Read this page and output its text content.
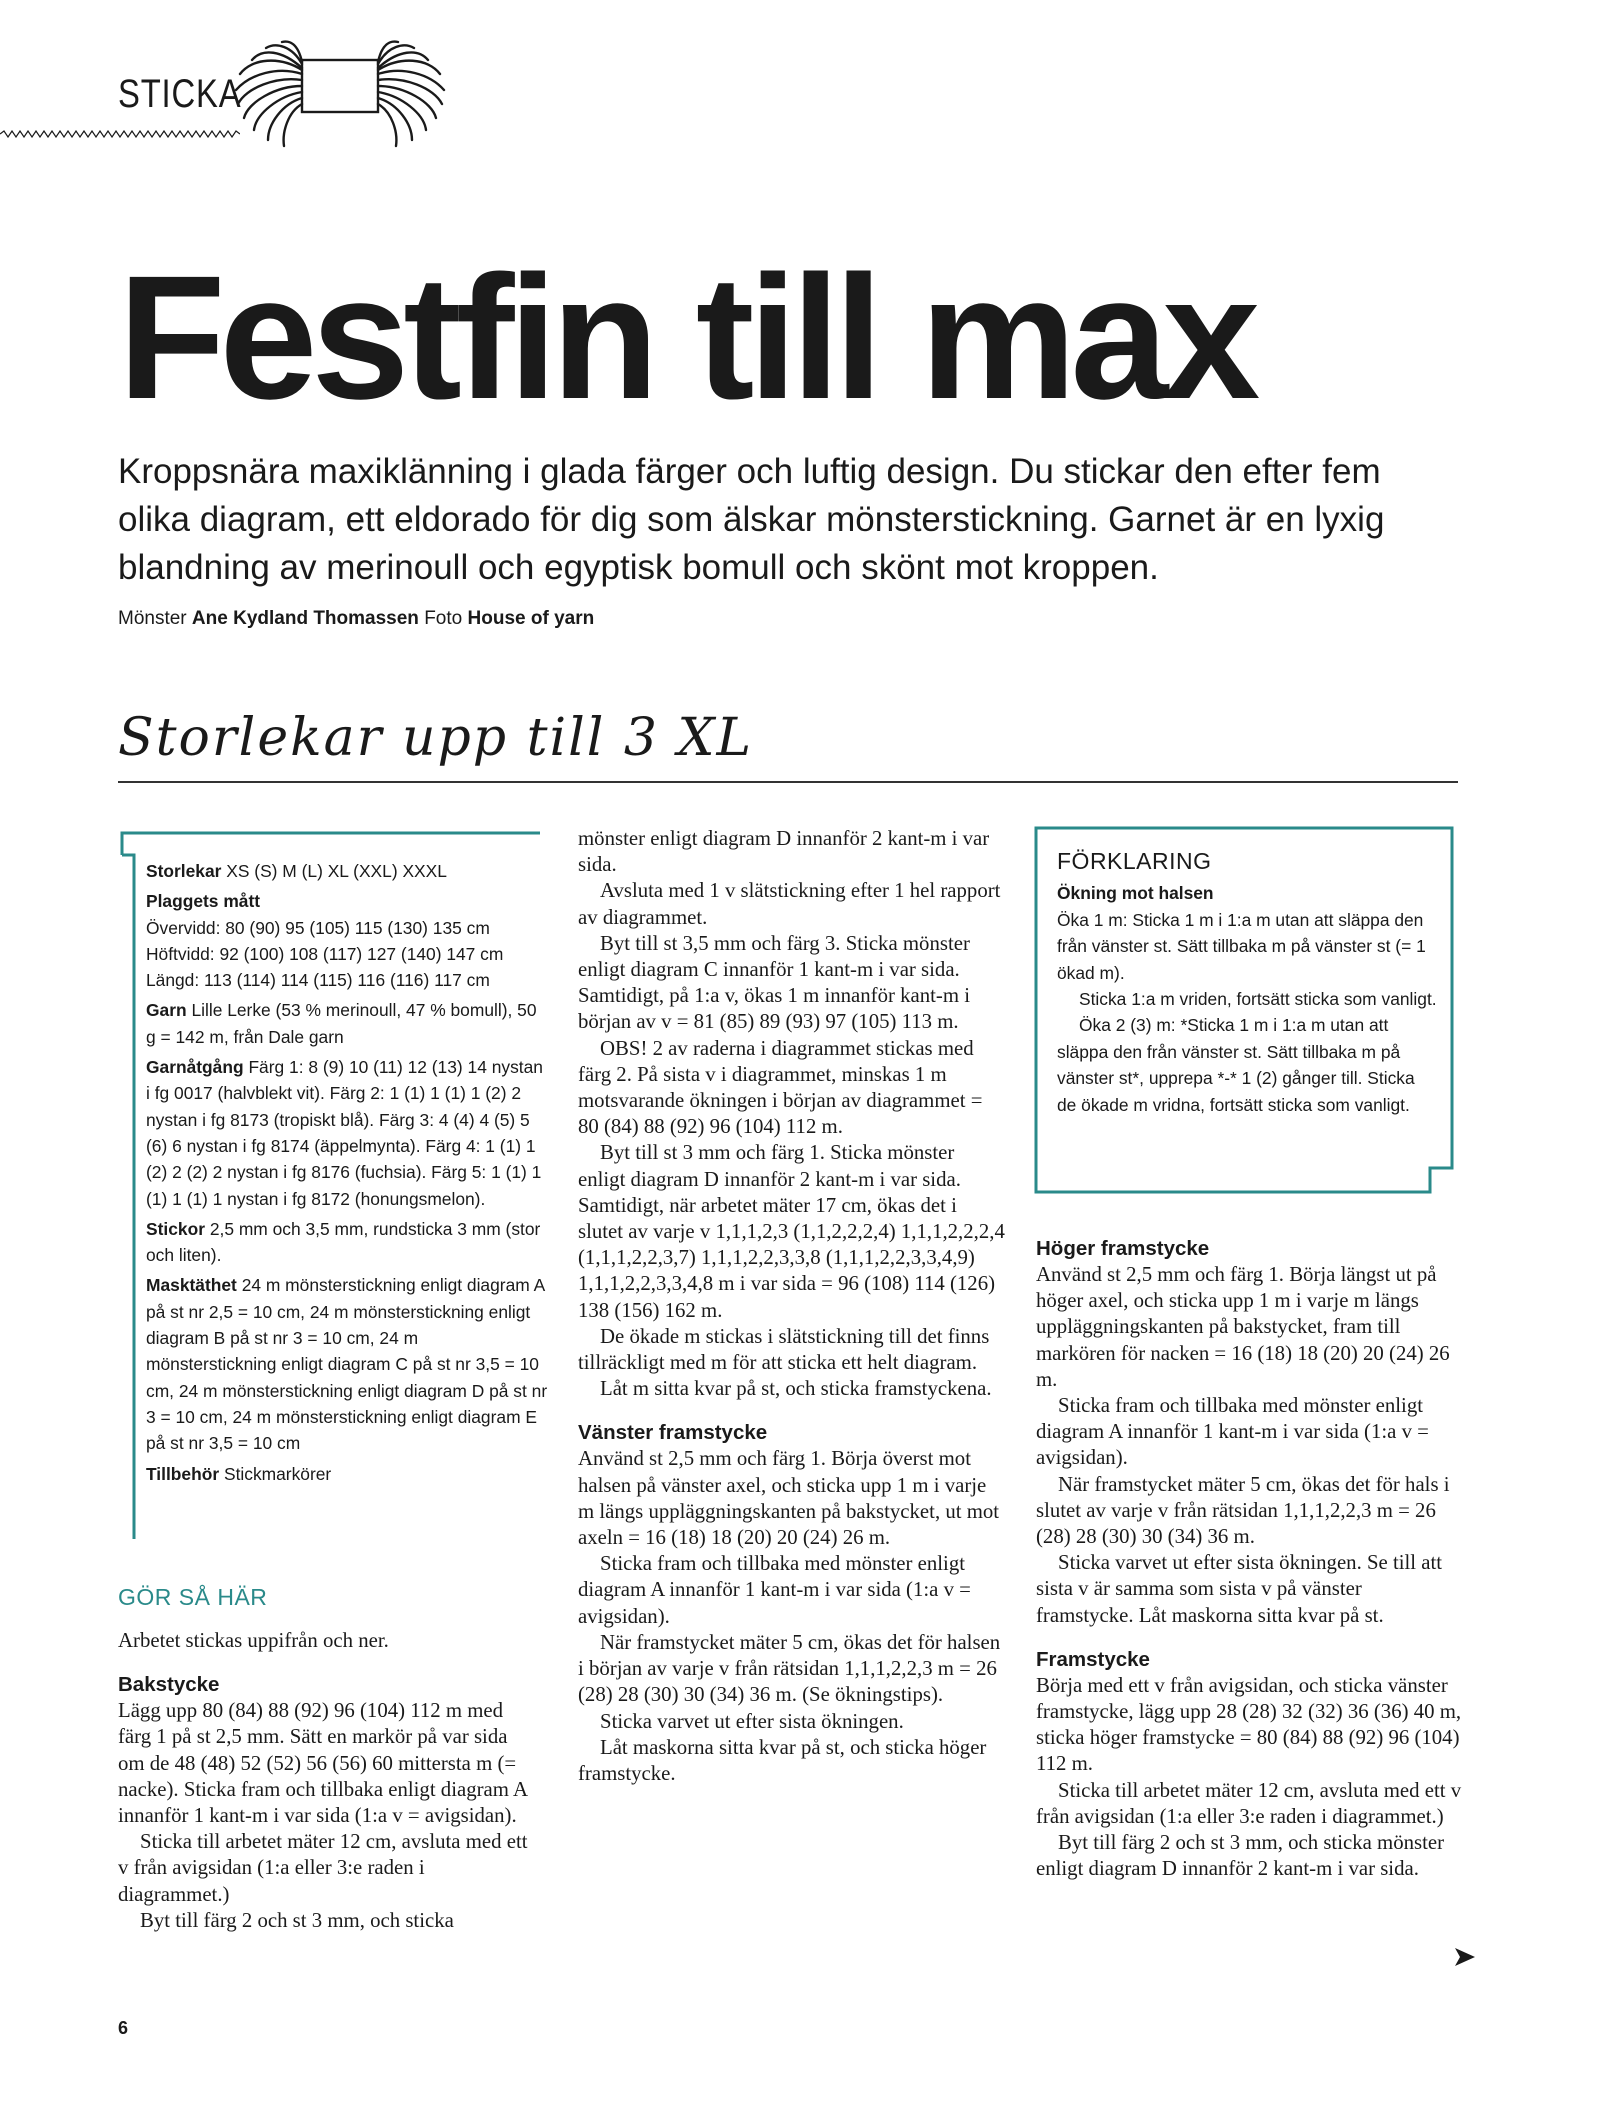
STICKA
Festfin till max

Kroppsnära maxiklänning i glada färger och luftig design. Du stickar den efter fem olika diagram, ett eldorado för dig som älskar mönsterstickning. Garnet är en lyxig blandning av merinoull och egyptisk bomull och skönt mot kroppen.

Mönster Ane Kydland Thomassen Foto House of yarn
Storlekar upp till 3 XL

Storlekar XS (S) M (L) XL (XXL) XXXL

Plaggets mått

Övervidd: 80 (90) 95 (105) 115 (130) 135 cm

Höftvidd: 92 (100) 108 (117) 127 (140) 147 cm

Längd: 113 (114) 114 (115) 116 (116) 117 cm

Garn Lille Lerke (53 % merinoull, 47 % bomull), 50 g = 142 m, från Dale garn

Garnåtgång Färg 1: 8 (9) 10 (11) 12 (13) 14 nystan i fg 0017 (halvblekt vit). Färg 2: 1 (1) 1 (1) 1 (2) 2 nystan i fg 8173 (tropiskt blå). Färg 3: 4 (4) 4 (5) 5 (6) 6 nystan i fg 8174 (äppelmynta). Färg 4: 1 (1) 1 (2) 2 (2) 2 nystan i fg 8176 (fuchsia). Färg 5: 1 (1) 1 (1) 1 (1) 1 nystan i fg 8172 (honungsmelon).

Stickor 2,5 mm och 3,5 mm, rundsticka 3 mm (stor och liten).

Masktäthet 24 m mönsterstickning enligt diagram A på st nr 2,5 = 10 cm, 24 m mönsterstickning enligt diagram B på st nr 3 = 10 cm, 24 m mönsterstickning enligt diagram C på st nr 3,5 = 10 cm, 24 m mönsterstickning enligt diagram D på st nr 3 = 10 cm, 24 m mönsterstickning enligt diagram E på st nr 3,5 = 10 cm

Tillbehör Stickmarkörer

GÖR SÅ HÄR

Arbetet stickas uppifrån och ner.

Bakstycke

Lägg upp 80 (84) 88 (92) 96 (104) 112 m med färg 1 på st 2,5 mm. Sätt en markör på var sida om de 48 (48) 52 (52) 56 (56) 60 mittersta m (= nacke). Sticka fram och tillbaka enligt diagram A innanför 1 kant-m i var sida (1:a v = avigsidan).

Sticka till arbetet mäter 12 cm, avsluta med ett v från avigsidan (1:a eller 3:e raden i diagrammet.)

Byt till färg 2 och st 3 mm, och sticka

mönster enligt diagram D innanför 2 kant-m i var sida.

Avsluta med 1 v slätstickning efter 1 hel rapport av diagrammet.

Byt till st 3,5 mm och färg 3. Sticka mönster enligt diagram C innanför 1 kant-m i var sida. Samtidigt, på 1:a v, ökas 1 m innanför kant-m i början av v = 81 (85) 89 (93) 97 (105) 113 m.

OBS! 2 av raderna i diagrammet stickas med färg 2. På sista v i diagrammet, minskas 1 m motsvarande ökningen i början av diagrammet = 80 (84) 88 (92) 96 (104) 112 m.

Byt till st 3 mm och färg 1. Sticka mönster enligt diagram D innanför 2 kant-m i var sida. Samtidigt, när arbetet mäter 17 cm, ökas det i slutet av varje v 1,1,1,2,3 (1,1,2,2,2,4) 1,1,1,2,2,2,4 (1,1,1,2,2,3,7) 1,1,1,2,2,3,3,8 (1,1,1,2,2,3,3,4,9) 1,1,1,2,2,3,3,4,8 m i var sida = 96 (108) 114 (126) 138 (156) 162 m.

De ökade m stickas i slätstickning till det finns tillräckligt med m för att sticka ett helt diagram.

Låt m sitta kvar på st, och sticka framstyckena.

Vänster framstycke

Använd st 2,5 mm och färg 1. Börja överst mot halsen på vänster axel, och sticka upp 1 m i varje m längs uppläggningskanten på bakstycket, ut mot axeln = 16 (18) 18 (20) 20 (24) 26 m.

Sticka fram och tillbaka med mönster enligt diagram A innanför 1 kant-m i var sida (1:a v = avigsidan).

När framstycket mäter 5 cm, ökas det för halsen i början av varje v från rätsidan 1,1,1,2,2,3 m = 26 (28) 28 (30) 30 (34) 36 m. (Se ökningstips).

Sticka varvet ut efter sista ökningen.

Låt maskorna sitta kvar på st, och sticka höger framstycke.

FÖRKLARING

Ökning mot halsen

Öka 1 m: Sticka 1 m i 1:a m utan att släppa den från vänster st. Sätt tillbaka m på vänster st (= 1 ökad m).

Sticka 1:a m vriden, fortsätt sticka som vanligt.

Öka 2 (3) m: *Sticka 1 m i 1:a m utan att släppa den från vänster st. Sätt tillbaka m på vänster st*, upprepa *-* 1 (2) gånger till. Sticka de ökade m vridna, fortsätt sticka som vanligt.

Höger framstycke

Använd st 2,5 mm och färg 1. Börja längst ut på höger axel, och sticka upp 1 m i varje m längs uppläggningskanten på bakstycket, fram till markören för nacken = 16 (18) 18 (20) 20 (24) 26 m.

Sticka fram och tillbaka med mönster enligt diagram A innanför 1 kant-m i var sida (1:a v = avigsidan).

När framstycket mäter 5 cm, ökas det för hals i slutet av varje v från rätsidan 1,1,1,2,2,3 m = 26 (28) 28 (30) 30 (34) 36 m.

Sticka varvet ut efter sista ökningen. Se till att sista v är samma som sista v på vänster framstycke. Låt maskorna sitta kvar på st.

Framstycke

Börja med ett v från avigsidan, och sticka vänster framstycke, lägg upp 28 (28) 32 (32) 36 (36) 40 m, sticka höger framstycke = 80 (84) 88 (92) 96 (104) 112 m.

Sticka till arbetet mäter 12 cm, avsluta med ett v från avigsidan (1:a eller 3:e raden i diagrammet.)

Byt till färg 2 och st 3 mm, och sticka mönster enligt diagram D innanför 2 kant-m i var sida.

6
